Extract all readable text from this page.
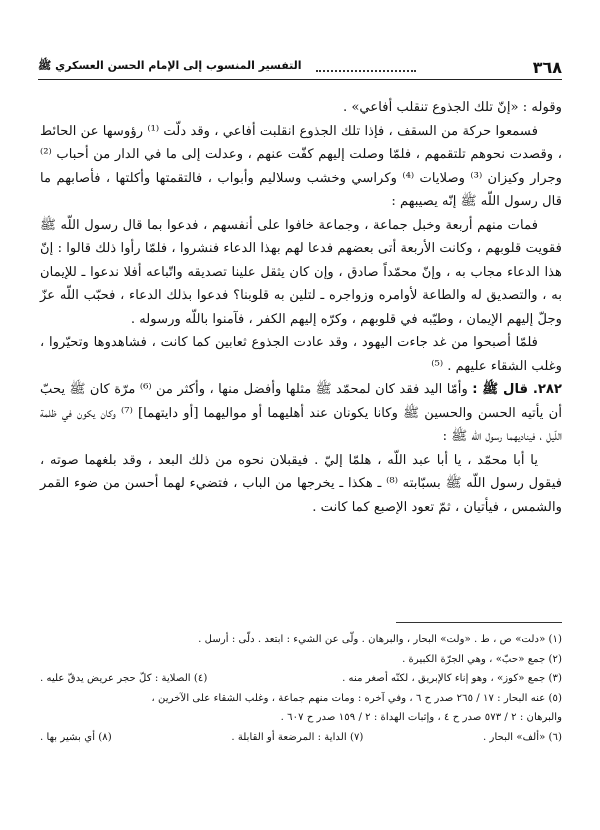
٣٦٨
التفسير المنسوب إلى الإمام الحسن العسكري ﷺ

وقوله : «إنّ تلك الجذوع تنقلب أفاعي» .

فسمعوا حركة من السقف ، فإذا تلك الجذوع انقلبت أفاعي ، وقد دلّت ⁽¹⁾ رؤوسها عن الحائط ، وقصدت نحوهم تلتقمهم ، فلمّا وصلت إليهم كفّت عنهم ، وعدلت إلى ما في الدار من أحباب ⁽²⁾ وجرار وكيزان ⁽³⁾ وصلايات ⁽⁴⁾ وكراسي وخشب وسلاليم وأبواب ، فالتقمتها وأكلتها ، فأصابهم ما قال رسول اللّه ﷺ إنّه يصيبهم :

فمات منهم أربعة وخبل جماعة ، وجماعة خافوا على أنفسهم ، فدعوا بما قال رسول اللّه ﷺ فقويت قلوبهم ، وكانت الأربعة أتى بعضهم فدعا لهم بهذا الدعاء فنشروا ، فلمّا رأوا ذلك قالوا : إنّ هذا الدعاء مجاب به ، وإنّ محمّداً صادق ، وإن كان يثقل علينا تصديقه واتّباعه أفلا ندعوا ـ للإيمان به ، والتصديق له والطاعة لأوامره وزواجره ـ لتلين به قلوبنا؟ فدعوا بذلك الدعاء ، فحبّب اللّه عزّ وجلّ إليهم الإيمان ، وطيّبه في قلوبهم ، وكرّه إليهم الكفر ، فآمنوا باللّه ورسوله .

فلمّا أصبحوا من غد جاءت اليهود ، وقد عادت الجذوع ثعابين كما كانت ، فشاهدوها وتحيّروا ، وغلب الشقاء عليهم . ⁽⁵⁾

٢٨٢. قال ﷺ : وأمّا اليد فقد كان لمحمّد ﷺ مثلها وأفضل منها ، وأكثر من ⁽⁶⁾ مرّة كان ﷺ يحبّ أن يأتيه الحسن والحسين ﷺ وكانا يكونان عند أهليهما أو مواليهما [أو دايتهما] ⁽⁷⁾ وكان يكون في ظلمة اللّيل ، فيناديهما رسول اللّه ﷺ :

يا أبا محمّد ، يا أبا عبد اللّه ، هلمّا إليّ . فيقبلان نحوه من ذلك البعد ، وقد بلغهما صوته ، فيقول رسول اللّه ﷺ بسبّابته ⁽⁸⁾ ـ هكذا ـ يخرجها من الباب ، فتضيء لهما أحسن من ضوء القمر والشمس ، فيأتيان ، ثمّ تعود الإصبع كما كانت .

(١) «دلت» ص ، ط . «ولت» البحار ، والبرهان . ولّى عن الشيء : ابتعد . دلّى : أرسل .
(٢) جمع «حبّ» ، وهي الجرّة الكبيرة .
(٣) جمع «كوز» ، وهو إناء كالإبريق ، لكنّه أصغر منه .
(٤) الصلاية : كلّ حجر عريض يدقّ عليه .
(٥) عنه البحار : ١٧ / ٢٦٥ صدر ح ٦ ، وفي آخره : ومات منهم جماعة ، وغلب الشقاء على الآخرين ،
والبرهان : ٢ / ٥٧٣ صدر ح ٤ ، وإثبات الهداة : ٢ / ١٥٩ صدر ح ٦٠٧ .
(٦) «ألف» البحار .
(٧) الداية : المرضعة أو القابلة .
(٨) أي بشير بها .
